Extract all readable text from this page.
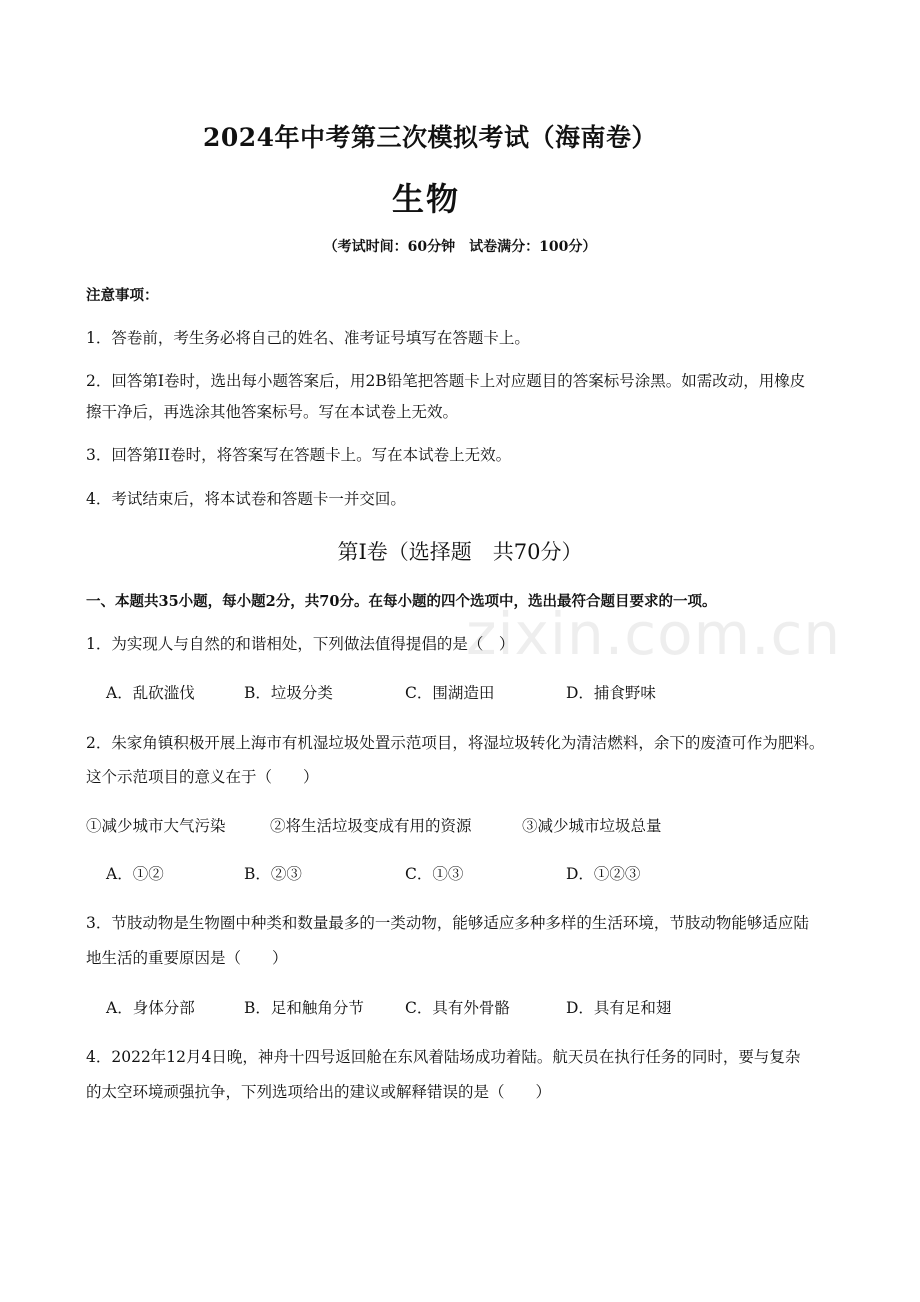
2024年中考第三次模拟考试（海南卷）
生物
（考试时间：60分钟　试卷满分：100分）
注意事项：
1．答卷前，考生务必将自己的姓名、准考证号填写在答题卡上。
2．回答第I卷时，选出每小题答案后，用2B铅笔把答题卡上对应题目的答案标号涂黑。如需改动，用橡皮
擦干净后，再选涂其他答案标号。写在本试卷上无效。
3．回答第II卷时，将答案写在答题卡上。写在本试卷上无效。
4．考试结束后，将本试卷和答题卡一并交回。
第I卷（选择题　共70分）
一、本题共35小题，每小题2分，共70分。在每小题的四个选项中，选出最符合题目要求的一项。
zixin.com.cn
1．为实现人与自然的和谐相处，下列做法值得提倡的是（　）
A．乱砍滥伐	B．垃圾分类	C．围湖造田	D．捕食野味
2．朱家角镇积极开展上海市有机湿垃圾处置示范项目，将湿垃圾转化为清洁燃料，余下的废渣可作为肥料。
这个示范项目的意义在于（　　）
①减少城市大气污染	②将生活垃圾变成有用的资源	③减少城市垃圾总量
A．①②	B．②③	C．①③	D．①②③
3．节肢动物是生物圈中种类和数量最多的一类动物，能够适应多种多样的生活环境，节肢动物能够适应陆
地生活的重要原因是（　　）
A．身体分部	B．足和触角分节	C．具有外骨骼	D．具有足和翅
4．2022年12月4日晚，神舟十四号返回舱在东风着陆场成功着陆。航天员在执行任务的同时，要与复杂
的太空环境顽强抗争，下列选项给出的建议或解释错误的是（　　）
